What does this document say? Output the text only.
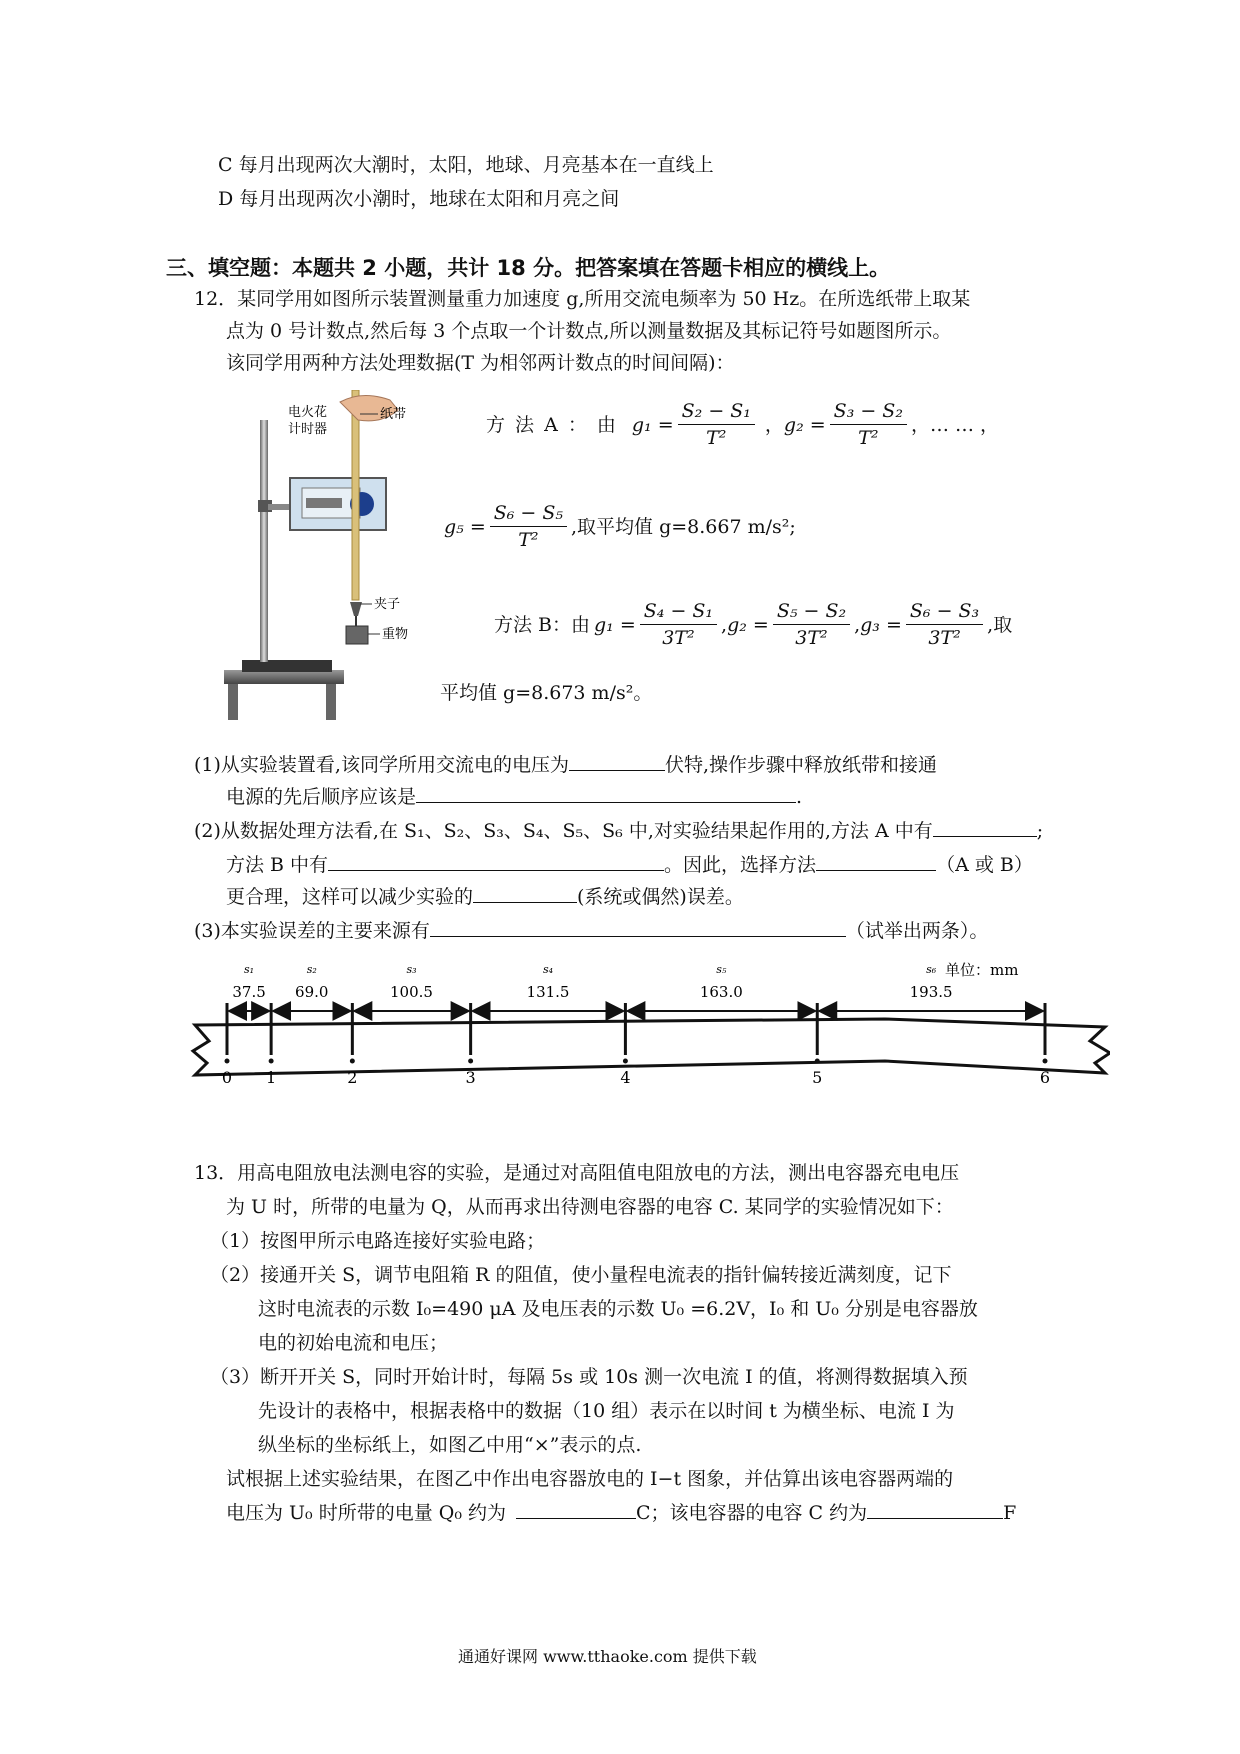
C 每月出现两次大潮时，太阳，地球、月亮基本在一直线上
D 每月出现两次小潮时，地球在太阳和月亮之间
三、填空题：本题共 2 小题，共计 18 分。把答案填在答题卡相应的横线上。
12．某同学用如图所示装置测量重力加速度 g,所用交流电频率为 50 Hz。在所选纸带上取某
点为 0 号计数点,然后每 3 个点取一个计数点,所以测量数据及其标记符号如题图所示。
该同学用两种方法处理数据(T 为相邻两计数点的时间间隔)：
电火花
计时器
纸带
夹子
重物
方 法 A ： 由 $g_1 = \frac{\text{S₂ − S₁}}{\text{T²}}$ ， $g_2 = \frac{\text{S₃ − S₂}}{\text{T²}}$ ，… … ，
$g_5 = \frac{\text{S₆ − S₅}}{\text{T²}}$ ,取平均值 g=8.667 m/s²;
方法 B：由 $g_1 = \frac{\text{S₄ − S₁}}{\text{3T²}}$ , $g_2 = \frac{\text{S₅ − S₂}}{\text{3T²}}$ , $g_3 = \frac{\text{S₆ − S₃}}{\text{3T²}}$ ,取
平均值 g=8.673 m/s²。
(1)从实验装置看,该同学所用交流电的电压为	伏特,操作步骤中释放纸带和接通
电源的先后顺序应该是	.
(2)从数据处理方法看,在 S₁、S₂、S₃、S₄、S₅、S₆ 中,对实验结果起作用的,方法 A 中有	;
方法 B 中有	。因此，选择方法	（A 或 B）
更合理，这样可以减少实验的	(系统或偶然)误差。
(3)本实验误差的主要来源有	（试举出两条）。
s₁
37.5
s₂
69.0
s₃
100.5
s₄
131.5
s₅
163.0
s₆
193.5
0 1	2	3	4	5	6
单位：mm
13．用高电阻放电法测电容的实验，是通过对高阻值电阻放电的方法，测出电容器充电电压
为 U 时，所带的电量为 Q，从而再求出待测电容器的电容 C. 某同学的实验情况如下：
（1）按图甲所示电路连接好实验电路；
（2）接通开关 S，调节电阻箱 R 的阻值，使小量程电流表的指针偏转接近满刻度，记下
这时电流表的示数 I₀=490 μA 及电压表的示数 U₀ =6.2V，I₀ 和 U₀ 分别是电容器放
电的初始电流和电压；
（3）断开开关 S，同时开始计时，每隔 5s 或 10s 测一次电流 I 的值，将测得数据填入预
先设计的表格中，根据表格中的数据（10 组）表示在以时间 t 为横坐标、电流 I 为
纵坐标的坐标纸上，如图乙中用“×”表示的点.
试根据上述实验结果，在图乙中作出电容器放电的 I−t 图象，并估算出该电容器两端的
电压为 U₀ 时所带的电量 Q₀ 约为	C；该电容器的电容 C 约为	F
通通好课网 www.tthaoke.com 提供下载
